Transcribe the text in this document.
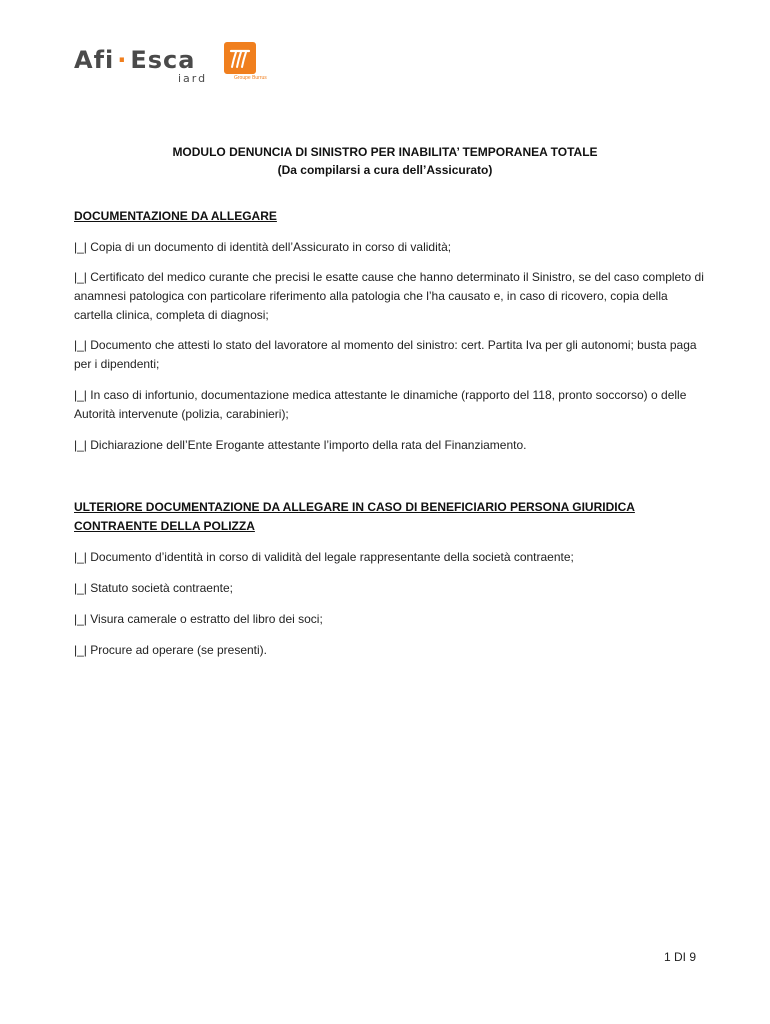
Afi · Esca
iard	Groupe Burrus
MODULO DENUNCIA DI SINISTRO PER INABILITA’ TEMPORANEA TOTALE
(Da compilarsi a cura dell’Assicurato)
DOCUMENTAZIONE DA ALLEGARE
|_| Copia di un documento di identità dell’Assicurato in corso di validità;
|_| Certificato del medico curante che precisi le esatte cause che hanno determinato il Sinistro, se del caso completo di anamnesi patologica con particolare riferimento alla patologia che l’ha causato e, in caso di ricovero, copia della cartella clinica, completa di diagnosi;
|_| Documento che attesti lo stato del lavoratore al momento del sinistro: cert. Partita Iva per gli autonomi; busta paga per i dipendenti;
|_| In caso di infortunio, documentazione medica attestante le dinamiche (rapporto del 118, pronto soccorso) o delle Autorità intervenute (polizia, carabinieri);
|_| Dichiarazione dell’Ente Erogante attestante l’importo della rata del Finanziamento.
ULTERIORE DOCUMENTAZIONE DA ALLEGARE IN CASO DI BENEFICIARIO PERSONA GIURIDICA CONTRAENTE DELLA POLIZZA
|_| Documento d’identità in corso di validità del legale rappresentante della società contraente;
|_| Statuto società contraente;
|_| Visura camerale o estratto del libro dei soci;
|_| Procure ad operare (se presenti).
1 DI 9
